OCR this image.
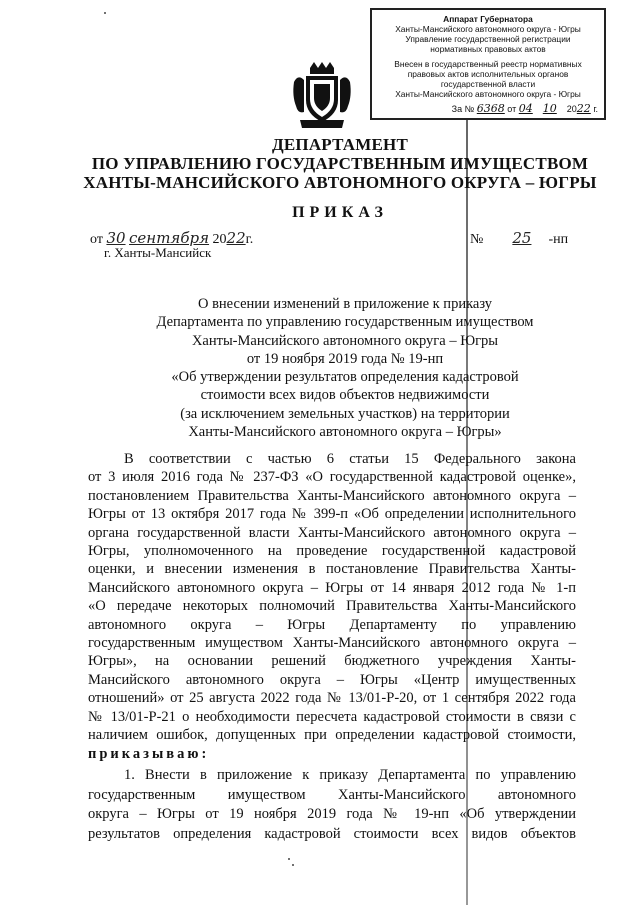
Аппарат Губернатора
Ханты-Мансийского автономного округа - Югры
Управление государственной регистрации
нормативных правовых актов
Внесен в государственный реестр нормативных
правовых актов исполнительных органов
государственной власти
Ханты-Мансийского автономного округа - Югры
За № 6368 от 04 10 2022 г.
ДЕПАРТАМЕНТ
ПО УПРАВЛЕНИЮ ГОСУДАРСТВЕННЫМ ИМУЩЕСТВОМ
ХАНТЫ-МАНСИЙСКОГО АВТОНОМНОГО ОКРУГА – ЮГРЫ
ПРИКАЗ
от 30 сентября 2022г.
г. Ханты-Мансийск
№ 25 -нп
О внесении изменений в приложение к приказу
Департамента по управлению государственным имуществом
Ханты-Мансийского автономного округа – Югры
от 19 ноября 2019 года № 19-нп
«Об утверждении результатов определения кадастровой
стоимости всех видов объектов недвижимости
(за исключением земельных участков) на территории
Ханты-Мансийского автономного округа – Югры»
В соответствии с частью 6 статьи 15 Федерального закона
от 3 июля 2016 года № 237-ФЗ «О государственной кадастровой оценке»,
постановлением Правительства Ханты-Мансийского автономного округа –
Югры от 13 октября 2017 года № 399-п «Об определении исполнительного
органа государственной власти Ханты-Мансийского автономного округа –
Югры, уполномоченного на проведение государственной кадастровой
оценки, и внесении изменения в постановление Правительства Ханты-
Мансийского автономного округа – Югры от 14 января 2012 года № 1-п
«О передаче некоторых полномочий Правительства Ханты-Мансийского
автономного округа – Югры Департаменту по управлению
государственным имуществом Ханты-Мансийского автономного округа –
Югры», на основании решений бюджетного учреждения Ханты-
Мансийского автономного округа – Югры «Центр имущественных
отношений» от 25 августа 2022 года № 13/01-Р-20, от 1 сентября 2022 года
№ 13/01-Р-21 о необходимости пересчета кадастровой стоимости в связи с
наличием ошибок, допущенных при определении кадастровой стоимости,
приказываю:
1. Внести в приложение к приказу Департамента по управлению
государственным имуществом Ханты-Мансийского автономного
округа – Югры от 19 ноября 2019 года № 19-нп «Об утверждении
результатов определения кадастровой стоимости всех видов объектов
